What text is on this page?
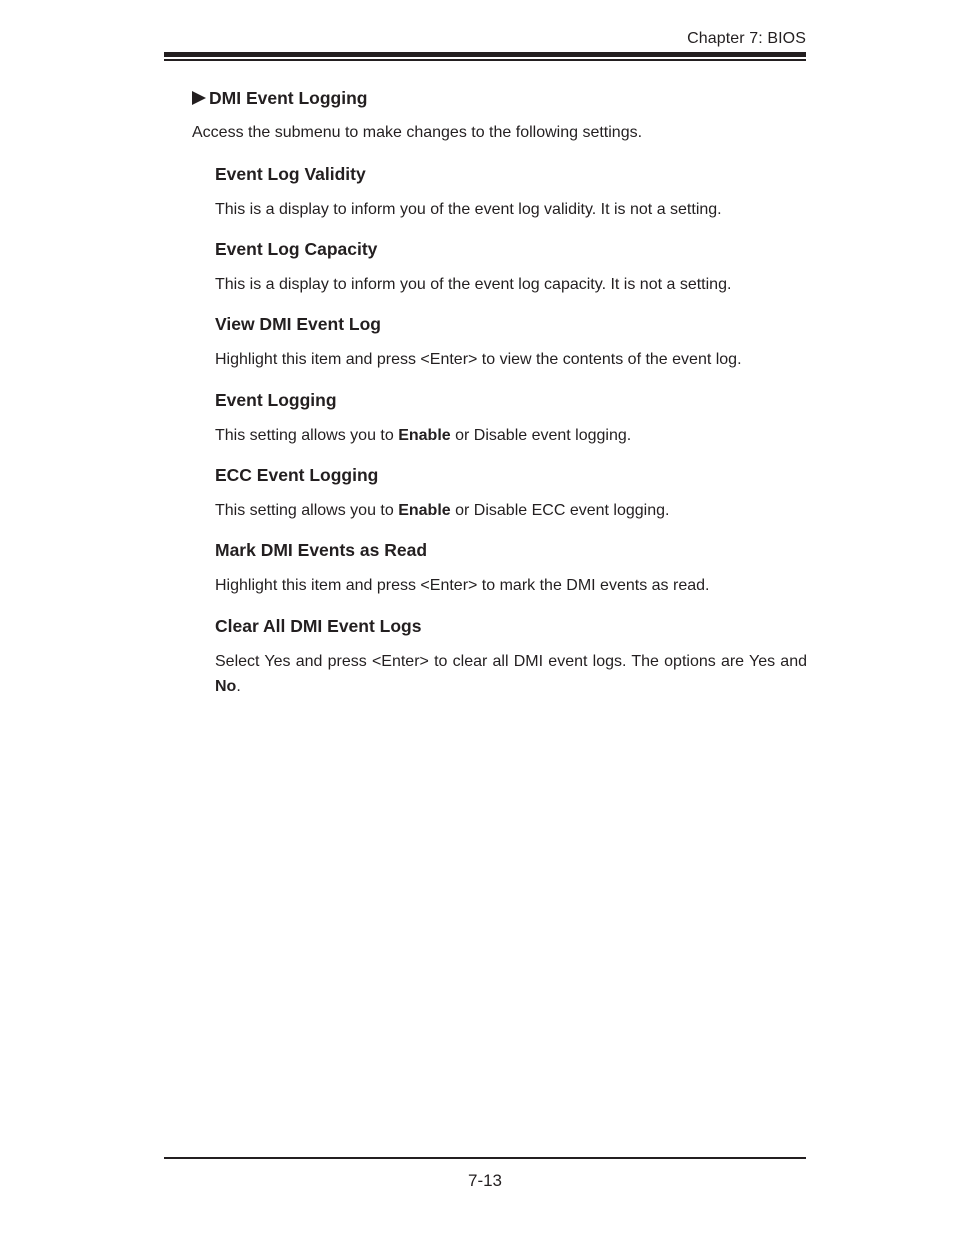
Chapter 7: BIOS
DMI Event Logging
Access the submenu to make changes to the following settings.
Event Log Validity

This is a display to inform you of the event log validity. It is not a setting.

Event Log Capacity

This is a display to inform you of the event log capacity. It is not a setting.

View DMI Event Log

Highlight this item and press <Enter> to view the contents of the event log.

Event Logging

This setting allows you to Enable or Disable event logging.

ECC Event Logging

This setting allows you to Enable or Disable ECC event logging.

Mark DMI Events as Read

Highlight this item and press <Enter> to mark the DMI events as read.

Clear All DMI Event Logs

Select Yes and press <Enter> to clear all DMI event logs. The options are Yes and No.

7-13
